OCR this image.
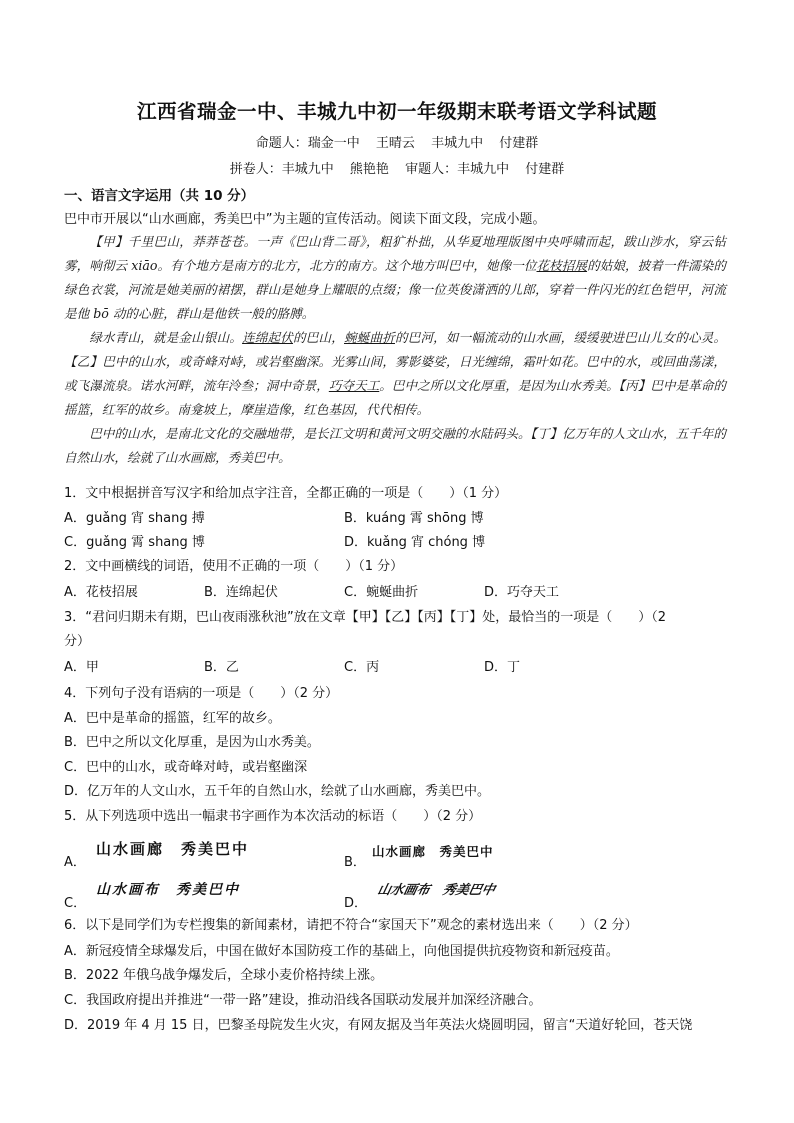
江西省瑞金一中、丰城九中初一年级期末联考语文学科试题
命题人：瑞金一中 王晴云 丰城九中 付建群
拼卷人：丰城九中 熊艳艳 审题人：丰城九中 付建群
一、语言文字运用（共 10 分）
巴中市开展以“山水画廊，秀美巴中”为主题的宣传活动。阅读下面文段，完成小题。

【甲】千里巴山，莽莽苍苍。一声《巴山背二哥》，粗犷朴拙，从华夏地理版图中央呼啸而起，跋山涉水，穿云钻雾，响彻云 xiāo。有个地方是南方的北方，北方的南方。这个地方叫巴中，她像一位花枝招展的姑娘，披着一件濡染的绿色衣裳，河流是她美丽的裙摆，群山是她身上耀眼的点缀；像一位英俊潇洒的儿郎，穿着一件闪光的红色铠甲，河流是他 bō 动的心脏，群山是他铁一般的胳膊。

绿水青山，就是金山银山。连绵起伏的巴山，蜿蜒曲折的巴河，如一幅流动的山水画，缓缓驶进巴山儿女的心灵。【乙】巴中的山水，或奇峰对峙，或岩壑幽深。光雾山间，雾影婆娑，日光缠绵，霜叶如花。巴中的水，或回曲荡漾，或飞瀑流泉。诺水河畔，流年泠叁；洞中奇景，巧夺天工。巴中之所以文化厚重，是因为山水秀美。【丙】巴中是革命的摇篮，红军的故乡。南龛坡上，摩崖造像，红色基因，代代相传。

巴中的山水，是南北文化的交融地带，是长江文明和黄河文明交融的水陆码头。【丁】亿万年的人文山水，五千年的自然山水，绘就了山水画廊，秀美巴中。

1．文中根据拼音写汉字和给加点字注音，全都正确的一项是（　　）（1 分）
A．guǎng 宵 shang 搏	B．kuáng 霄 shōng 博
C．guǎng 霄 shang 博	D．kuǎng 宵 chóng 博
2．文中画横线的词语，使用不正确的一项（　　）（1 分）
A．花枝招展	B．连绵起伏	C．蜿蜒曲折	D．巧夺天工
3．“君问归期未有期，巴山夜雨涨秋池”放在文章【甲】【乙】【丙】【丁】处，最恰当的一项是（　　）（2
分）
A．甲	B．乙	C．丙	D．丁
4．下列句子没有语病的一项是（　　）（2 分）
A．巴中是革命的摇篮，红军的故乡。
B．巴中之所以文化厚重，是因为山水秀美。
C．巴中的山水，或奇峰对峙，或岩壑幽深
D．亿万年的人文山水，五千年的自然山水，绘就了山水画廊，秀美巴中。
5．从下列选项中选出一幅隶书字画作为本次活动的标语（　　）（2 分）
A．
山水画廊　秀美巴中
B．
山水画廊　秀美巴中
C．
山水画布　秀美巴中
D．
山水画布　秀美巴中
6．以下是同学们为专栏搜集的新闻素材，请把不符合“家国天下”观念的素材选出来（　　）（2 分）
A．新冠疫情全球爆发后，中国在做好本国防疫工作的基础上，向他国提供抗疫物资和新冠疫苗。
B．2022 年俄乌战争爆发后，全球小麦价格持续上涨。
C．我国政府提出并推进“一带一路”建设，推动沿线各国联动发展并加深经济融合。
D．2019 年 4 月 15 日，巴黎圣母院发生火灾，有网友据及当年英法火烧圆明园，留言“天道好轮回，苍天饶
